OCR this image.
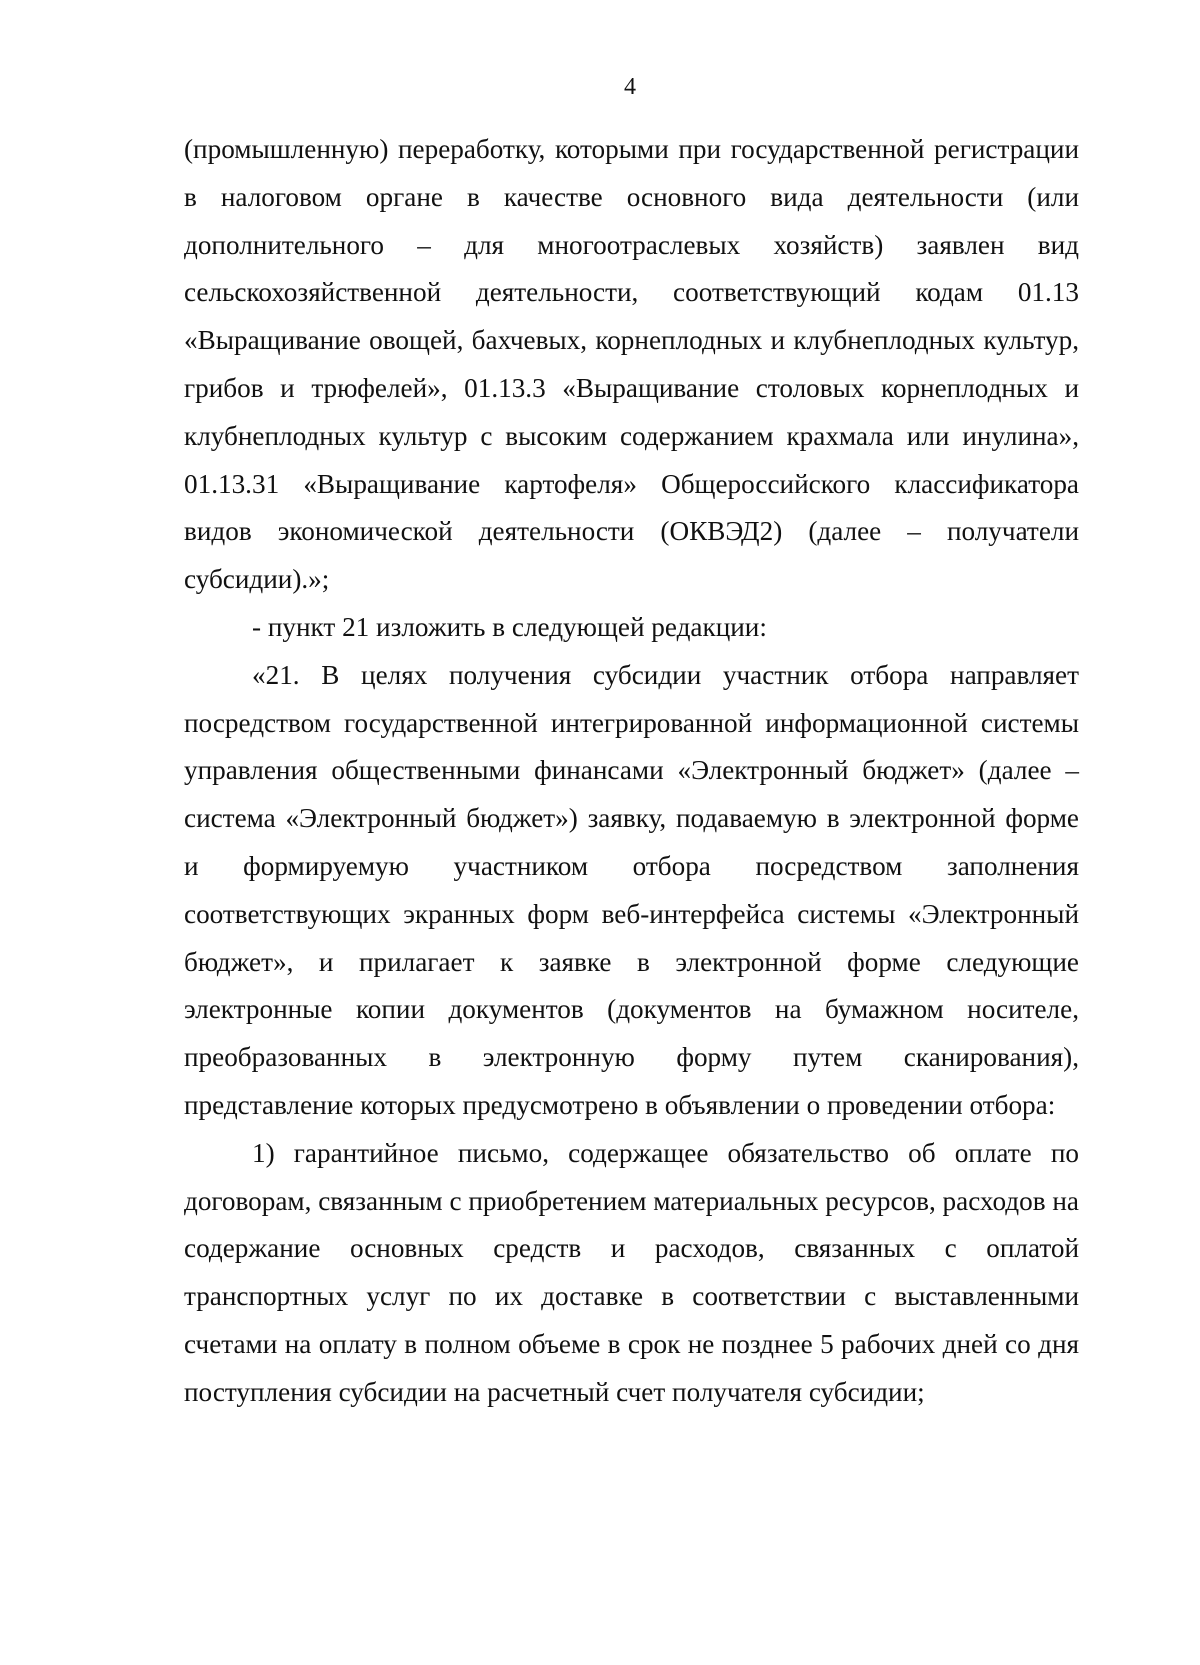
4

(промышленную) переработку, которыми при государственной регистрации в налоговом органе в качестве основного вида деятельности (или дополнительного – для многоотраслевых хозяйств) заявлен вид сельскохозяйственной деятельности, соответствующий кодам 01.13 «Выращивание овощей, бахчевых, корнеплодных и клубнеплодных культур, грибов и трюфелей», 01.13.3 «Выращивание столовых корнеплодных и клубнеплодных культур с высоким содержанием крахмала или инулина», 01.13.31 «Выращивание картофеля» Общероссийского классификатора видов экономической деятельности (ОКВЭД2) (далее – получатели субсидии).»;

- пункт 21 изложить в следующей редакции:

«21. В целях получения субсидии участник отбора направляет посредством государственной интегрированной информационной системы управления общественными финансами «Электронный бюджет» (далее – система «Электронный бюджет») заявку, подаваемую в электронной форме и формируемую участником отбора посредством заполнения соответствующих экранных форм веб-интерфейса системы «Электронный бюджет», и прилагает к заявке в электронной форме следующие электронные копии документов (документов на бумажном носителе, преобразованных в электронную форму путем сканирования), представление которых предусмотрено в объявлении о проведении отбора:

1) гарантийное письмо, содержащее обязательство об оплате по договорам, связанным с приобретением материальных ресурсов, расходов на содержание основных средств и расходов, связанных с оплатой транспортных услуг по их доставке в соответствии с выставленными счетами на оплату в полном объеме в срок не позднее 5 рабочих дней со дня поступления субсидии на расчетный счет получателя субсидии;
